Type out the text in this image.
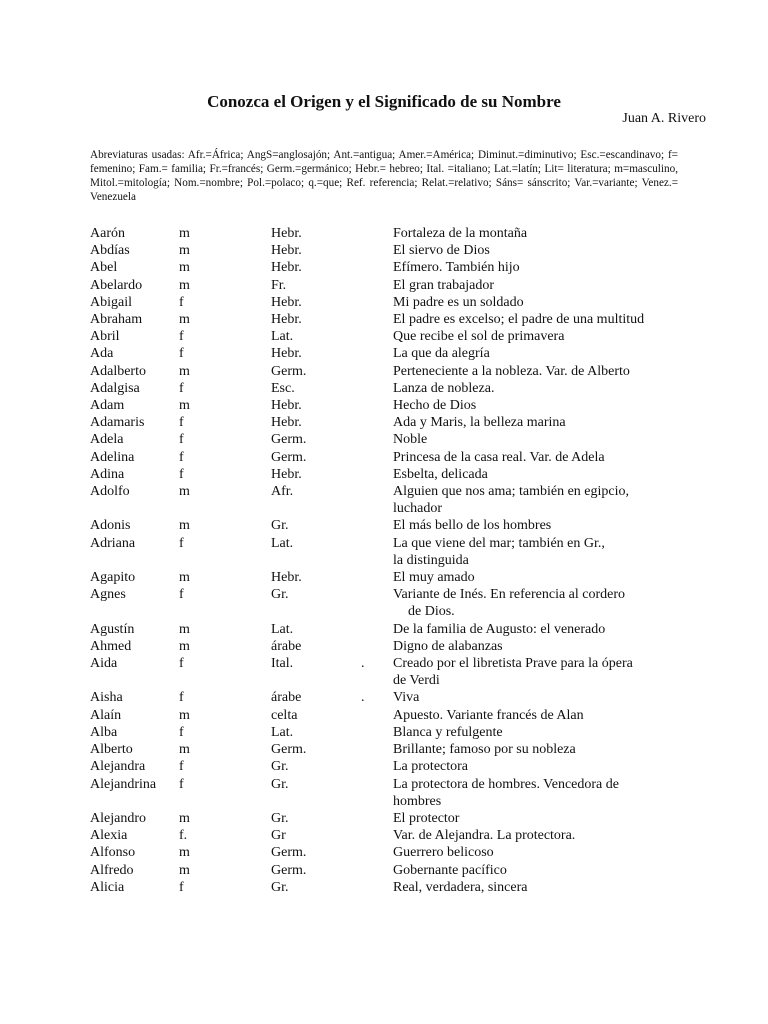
Conozca el Origen y el Significado de su Nombre
Juan A. Rivero
Abreviaturas usadas: Afr.=África; AngS=anglosajón; Ant.=antigua; Amer.=América; Diminut.=diminutivo; Esc.=escandinavo; f= femenino; Fam.= familia; Fr.=francés; Germ.=germánico; Hebr.= hebreo; Ital. =italiano; Lat.=latín; Lit= literatura; m=masculino, Mitol.=mitología; Nom.=nombre; Pol.=polaco; q.=que; Ref. referencia; Relat.=relativo; Sáns= sánscrito; Var.=variante; Venez.= Venezuela
Aarón	m	Hebr.	Fortaleza de la montaña
Abdías	m	Hebr.	El siervo de Dios
Abel	m	Hebr.	Efímero. También hijo
Abelardo	m	Fr.	El gran trabajador
Abigail	f	Hebr.	Mi padre es un soldado
Abraham	m	Hebr.	El padre es excelso; el padre de una multitud
Abril	f	Lat.	Que recibe el sol de primavera
Ada	f	Hebr.	La que da alegría
Adalberto	m	Germ.	Perteneciente a la nobleza. Var. de Alberto
Adalgisa	f	Esc.	Lanza de nobleza.
Adam	m	Hebr.	Hecho de Dios
Adamaris	f	Hebr.	Ada y Maris, la belleza marina
Adela	f	Germ.	Noble
Adelina	f	Germ.	Princesa de la casa real. Var. de Adela
Adina	f	Hebr.	Esbelta, delicada
Adolfo	m	Afr.	Alguien que nos ama; también en egipcio,
luchador
Adonis	m	Gr.	El más bello de los hombres
Adriana	f	Lat.	La que viene del mar; también en Gr.,
la distinguida
Agapito	m	Hebr.	El muy amado
Agnes	f	Gr.	Variante de Inés. En referencia al cordero
de Dios.
Agustín	m	Lat.	De la familia de Augusto: el venerado
Ahmed	m	árabe	Digno de alabanzas
Aida	f	Ital.	.	Creado por el libretista Prave para la ópera
de Verdi
Aisha	f	árabe	.	Viva
Alaín	m	celta	Apuesto. Variante francés de Alan
Alba	f	Lat.	Blanca y refulgente
Alberto	m	Germ.	Brillante; famoso por su nobleza
Alejandra	f	Gr.	La protectora
Alejandrina	f	Gr.	La protectora de hombres. Vencedora de
hombres
Alejandro	m	Gr.	El protector
Alexia	f.	Gr	Var. de Alejandra. La protectora.
Alfonso	m	Germ.	Guerrero belicoso
Alfredo	m	Germ.	Gobernante pacífico
Alicia	f	Gr.	Real, verdadera, sincera
